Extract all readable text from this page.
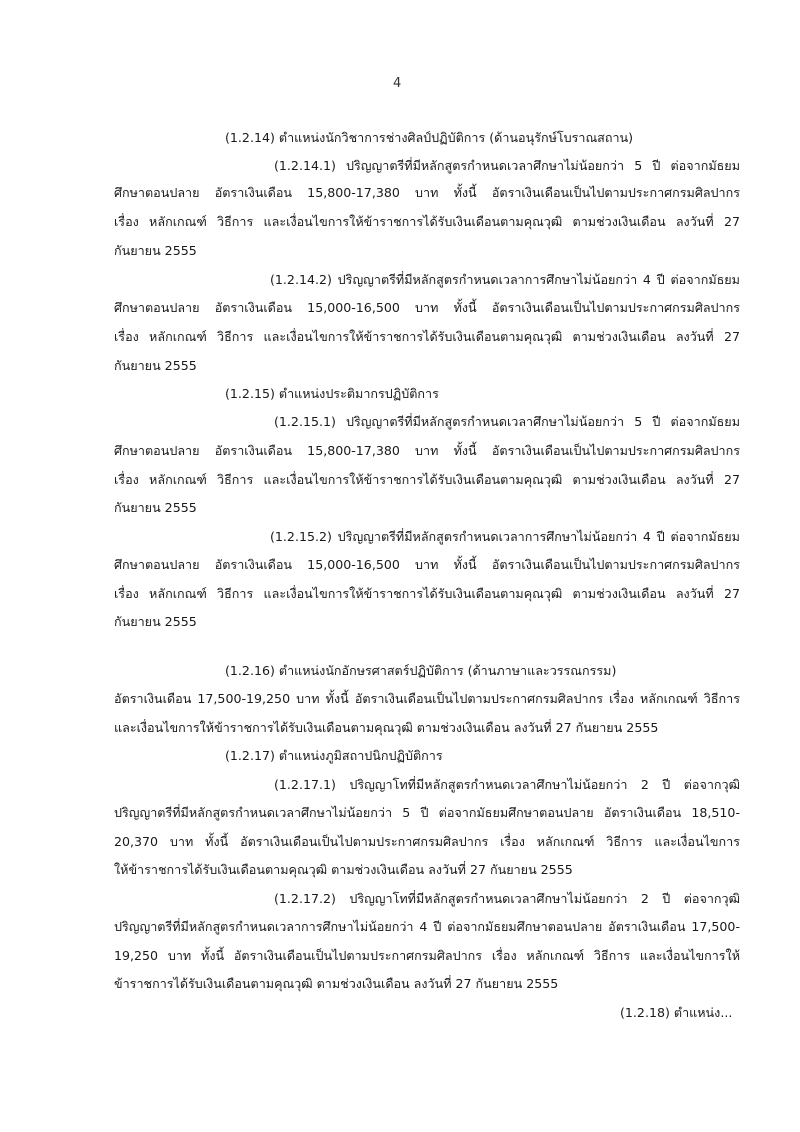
4
(1.2.14) ตำแหน่งนักวิชาการช่างศิลป์ปฏิบัติการ (ด้านอนุรักษ์โบราณสถาน)
(1.2.14.1) ปริญญาตรีที่มีหลักสูตรกำหนดเวลาศึกษาไม่น้อยกว่า 5 ปี ต่อจากมัธยม
ศึกษาตอนปลาย อัตราเงินเดือน 15,800-17,380 บาท ทั้งนี้ อัตราเงินเดือนเป็นไปตามประกาศกรมศิลปากร
เรื่อง หลักเกณฑ์ วิธีการ และเงื่อนไขการให้ข้าราชการได้รับเงินเดือนตามคุณวุฒิ ตามช่วงเงินเดือน ลงวันที่ 27
กันยายน 2555
(1.2.14.2) ปริญญาตรีที่มีหลักสูตรกำหนดเวลาการศึกษาไม่น้อยกว่า 4 ปี ต่อจากมัธยม
ศึกษาตอนปลาย อัตราเงินเดือน 15,000-16,500 บาท ทั้งนี้ อัตราเงินเดือนเป็นไปตามประกาศกรมศิลปากร
เรื่อง หลักเกณฑ์ วิธีการ และเงื่อนไขการให้ข้าราชการได้รับเงินเดือนตามคุณวุฒิ ตามช่วงเงินเดือน ลงวันที่ 27
กันยายน 2555
(1.2.15) ตำแหน่งประติมากรปฏิบัติการ
(1.2.15.1) ปริญญาตรีที่มีหลักสูตรกำหนดเวลาศึกษาไม่น้อยกว่า 5 ปี ต่อจากมัธยม
ศึกษาตอนปลาย อัตราเงินเดือน 15,800-17,380 บาท ทั้งนี้ อัตราเงินเดือนเป็นไปตามประกาศกรมศิลปากร
เรื่อง หลักเกณฑ์ วิธีการ และเงื่อนไขการให้ข้าราชการได้รับเงินเดือนตามคุณวุฒิ ตามช่วงเงินเดือน ลงวันที่ 27
กันยายน 2555
(1.2.15.2) ปริญญาตรีที่มีหลักสูตรกำหนดเวลาการศึกษาไม่น้อยกว่า 4 ปี ต่อจากมัธยม
ศึกษาตอนปลาย อัตราเงินเดือน 15,000-16,500 บาท ทั้งนี้ อัตราเงินเดือนเป็นไปตามประกาศกรมศิลปากร
เรื่อง หลักเกณฑ์ วิธีการ และเงื่อนไขการให้ข้าราชการได้รับเงินเดือนตามคุณวุฒิ ตามช่วงเงินเดือน ลงวันที่ 27
กันยายน 2555
(1.2.16) ตำแหน่งนักอักษรศาสตร์ปฏิบัติการ (ด้านภาษาและวรรณกรรม)
อัตราเงินเดือน 17,500-19,250 บาท ทั้งนี้ อัตราเงินเดือนเป็นไปตามประกาศกรมศิลปากร เรื่อง หลักเกณฑ์ วิธีการ
และเงื่อนไขการให้ข้าราชการได้รับเงินเดือนตามคุณวุฒิ ตามช่วงเงินเดือน ลงวันที่ 27 กันยายน 2555
(1.2.17) ตำแหน่งภูมิสถาปนิกปฏิบัติการ
(1.2.17.1) ปริญญาโทที่มีหลักสูตรกำหนดเวลาศึกษาไม่น้อยกว่า 2 ปี ต่อจากวุฒิ
ปริญญาตรีที่มีหลักสูตรกำหนดเวลาศึกษาไม่น้อยกว่า 5 ปี ต่อจากมัธยมศึกษาตอนปลาย อัตราเงินเดือน 18,510-
20,370 บาท ทั้งนี้ อัตราเงินเดือนเป็นไปตามประกาศกรมศิลปากร เรื่อง หลักเกณฑ์ วิธีการ และเงื่อนไขการ
ให้ข้าราชการได้รับเงินเดือนตามคุณวุฒิ ตามช่วงเงินเดือน ลงวันที่ 27 กันยายน 2555
(1.2.17.2) ปริญญาโทที่มีหลักสูตรกำหนดเวลาศึกษาไม่น้อยกว่า 2 ปี ต่อจากวุฒิ
ปริญญาตรีที่มีหลักสูตรกำหนดเวลาการศึกษาไม่น้อยกว่า 4 ปี ต่อจากมัธยมศึกษาตอนปลาย อัตราเงินเดือน 17,500-
19,250 บาท ทั้งนี้ อัตราเงินเดือนเป็นไปตามประกาศกรมศิลปากร เรื่อง หลักเกณฑ์ วิธีการ และเงื่อนไขการให้
ข้าราชการได้รับเงินเดือนตามคุณวุฒิ ตามช่วงเงินเดือน ลงวันที่ 27 กันยายน 2555
(1.2.18) ตำแหน่ง...
